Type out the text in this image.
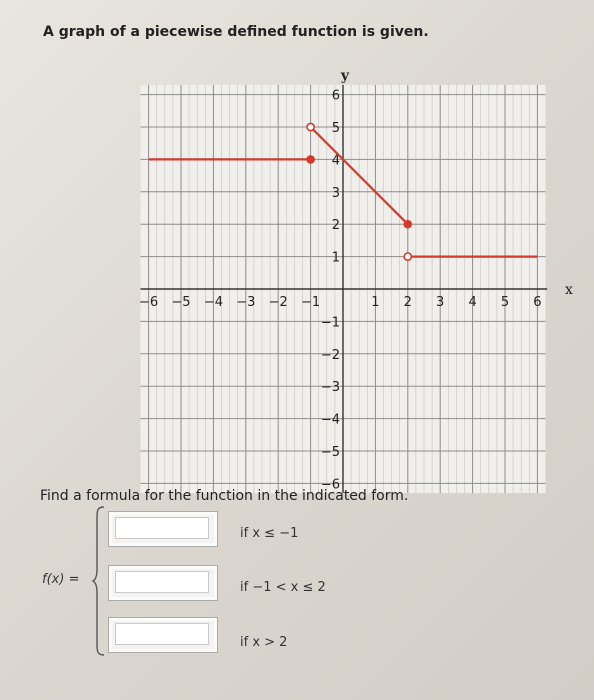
A graph of a piecewise defined function is given.
−6 −5 −4 −3 −2 −1	1 2 3 4 5 6
6
5
4
3
2
1
−1
−2
−3
−4
−5
−6
x
y
Find a formula for the function in the indicated form.
f(x) =
if x ≤ −1
if −1 < x ≤ 2
if x > 2
